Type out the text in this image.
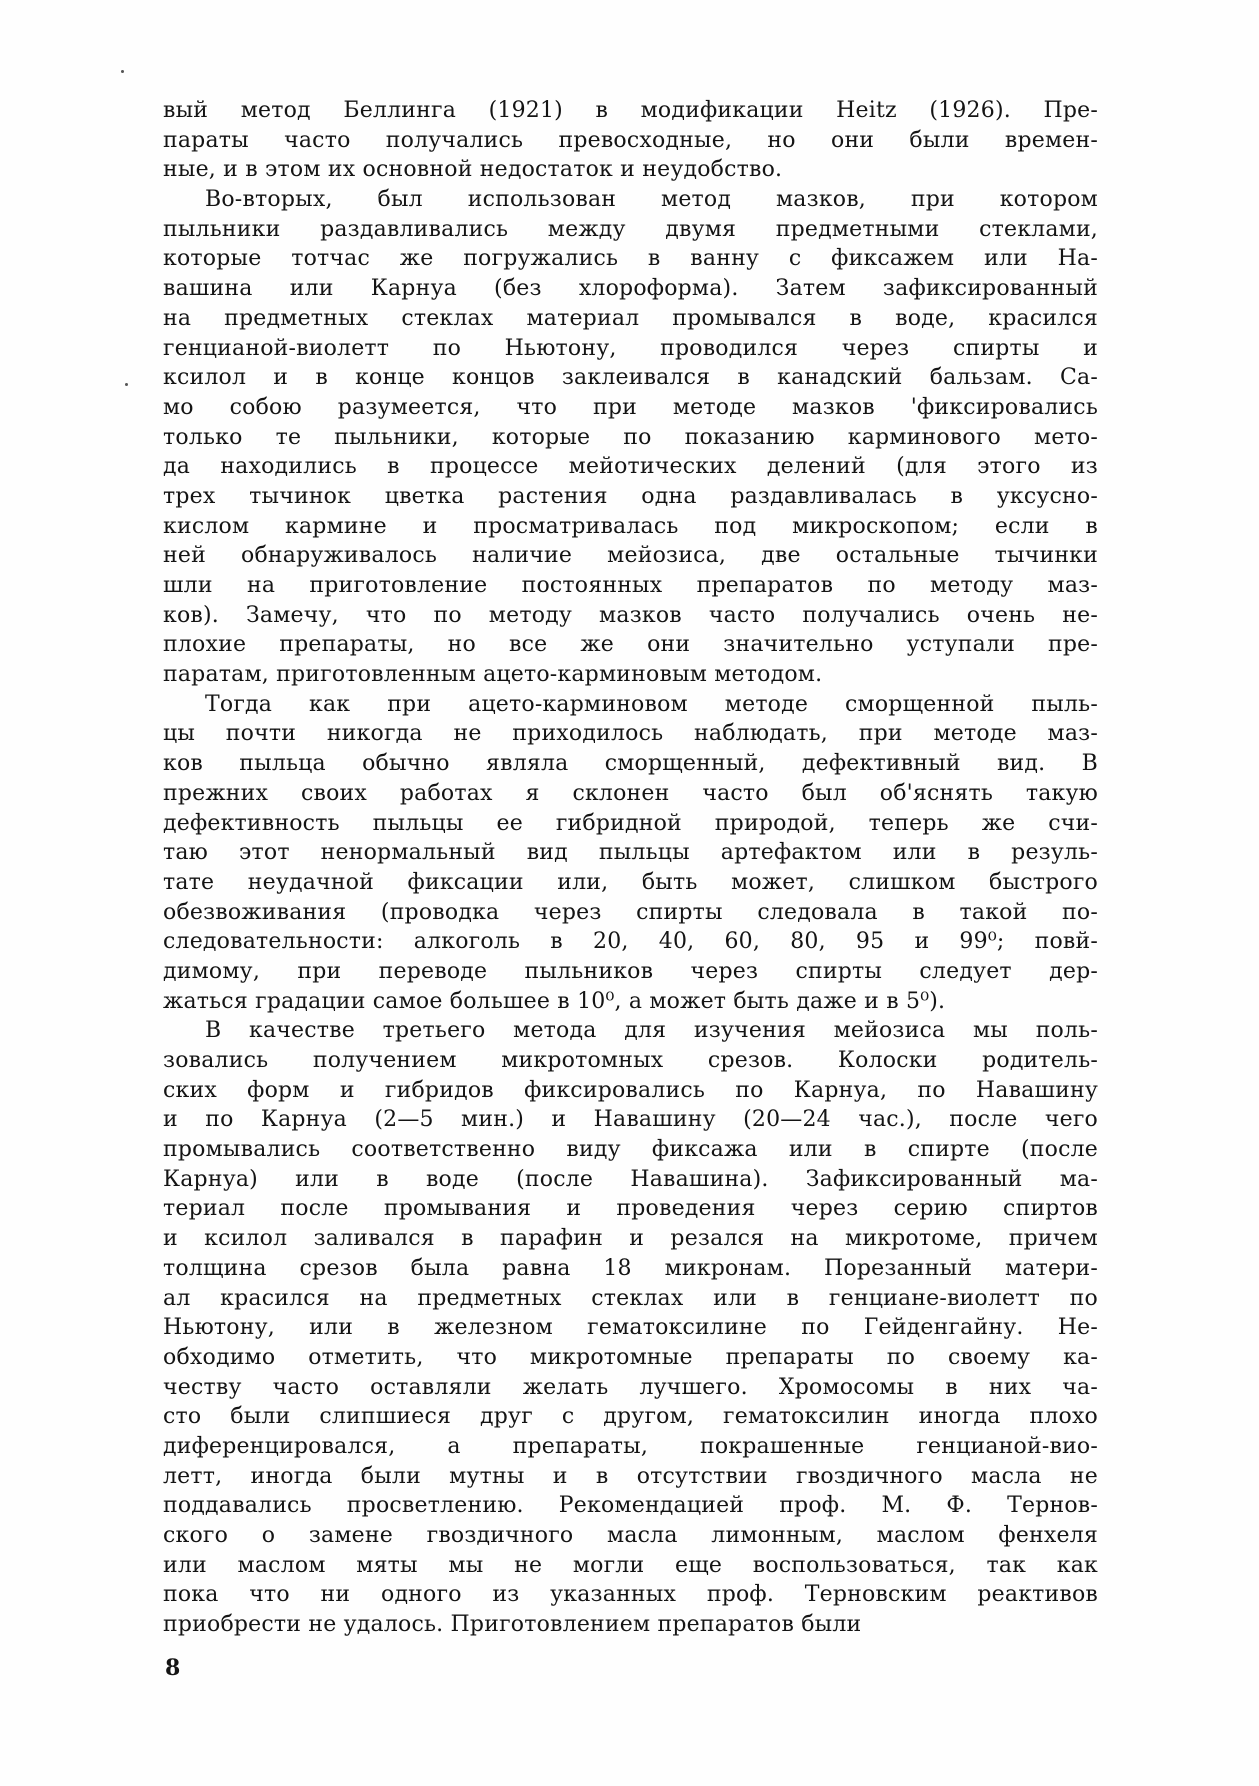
вый метод Беллинга (1921) в модификации Heitz (1926). Пре-
параты часто получались превосходные, но они были времен-
ные, и в этом их основной недостаток и неудобство.
Во-вторых, был использован метод мазков, при котором
пыльники раздавливались между двумя предметными стеклами,
которые тотчас же погружались в ванну с фиксажем или На-
вашина или Карнуа (без хлороформа). Затем зафиксированный
на предметных стеклах материал промывался в воде, красился
генцианой-виолетт по Ньютону, проводился через спирты и
ксилол и в конце концов заклеивался в канадский бальзам. Са-
мо собою разумеется, что при методе мазков 'фиксировались
только те пыльники, которые по показанию карминового мето-
да находились в процессе мейотических делений (для этого из
трех тычинок цветка растения одна раздавливалась в уксусно-
кислом кармине и просматривалась под микроскопом; если в
ней обнаруживалось наличие мейозиса, две остальные тычинки
шли на приготовление постоянных препаратов по методу маз-
ков). Замечу, что по методу мазков часто получались очень не-
плохие препараты, но все же они значительно уступали пре-
паратам, приготовленным ацето-карминовым методом.
Тогда как при ацето-карминовом методе сморщенной пыль-
цы почти никогда не приходилось наблюдать, при методе маз-
ков пыльца обычно являла сморщенный, дефективный вид. В
прежних своих работах я склонен часто был об'яснять такую
дефективность пыльцы ее гибридной природой, теперь же счи-
таю этот ненормальный вид пыльцы артефактом или в резуль-
тате неудачной фиксации или, быть может, слишком быстрого
обезвоживания (проводка через спирты следовала в такой по-
следовательности: алкоголь в 20, 40, 60, 80, 95 и 99⁰; повй-
димому, при переводе пыльников через спирты следует дер-
жаться градации самое большее в 10⁰, а может быть даже и в 5⁰).
В качестве третьего метода для изучения мейозиса мы поль-
зовались получением микротомных срезов. Колоски родитель-
ских форм и гибридов фиксировались по Карнуа, по Навашину
и по Карнуа (2—5 мин.) и Навашину (20—24 час.), после чего
промывались соответственно виду фиксажа или в спирте (после
Карнуа) или в воде (после Навашина). Зафиксированный ма-
териал после промывания и проведения через серию спиртов
и ксилол заливался в парафин и резался на микротоме, причем
толщина срезов была равна 18 микронам. Порезанный матери-
ал красился на предметных стеклах или в генциане-виолетт по
Ньютону, или в железном гематоксилине по Гейденгайну. Не-
обходимо отметить, что микротомные препараты по своему ка-
честву часто оставляли желать лучшего. Хромосомы в них ча-
сто были слипшиеся друг с другом, гематоксилин иногда плохо
диференцировался, а препараты, покрашенные генцианой-вио-
летт, иногда были мутны и в отсутствии гвоздичного масла не
поддавались просветлению. Рекомендацией проф. М. Ф. Тернов-
ского о замене гвоздичного масла лимонным, маслом фенхеля
или маслом мяты мы не могли еще воспользоваться, так как
пока что ни одного из указанных проф. Терновским реактивов
приобрести не удалось. Приготовлением препаратов были
8
